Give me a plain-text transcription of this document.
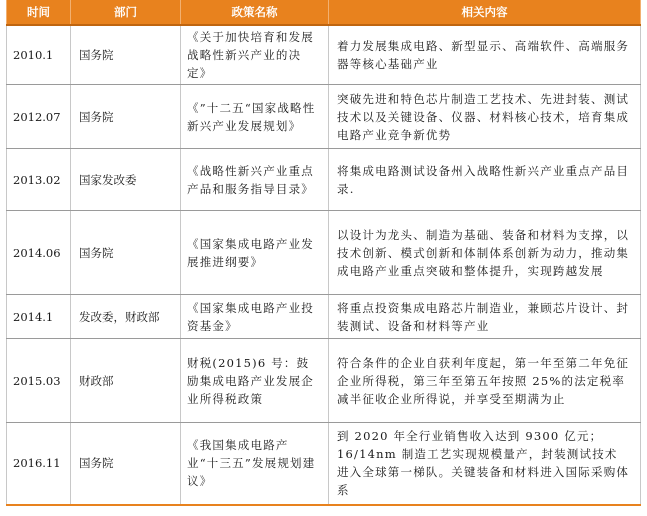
时间	部门	政策名称	相关内容
2010.1	国务院	《关于加快培育和发展战略性新兴产业的决定》	着力发展集成电路、新型显示、高端软件、高端服务器等核心基础产业
2012.07	国务院	《”十二五“国家战略性新兴产业发展规划》	突破先进和特色芯片制造工艺技术、先进封装、测试技术以及关键设备、仪器、材料核心技术，培育集成电路产业竞争新优势
2013.02	国家发改委	《战略性新兴产业重点产品和服务指导目录》	将集成电路测试设备州入战略性新兴产业重点产品目录.
2014.06	国务院	《国家集成电路产业发展推进纲要》	以设计为龙头、制造为基础、装备和材料为支撑，以技术创新、模式创新和体制体系创新为动力，推动集成电路产业重点突破和整体提升，实现跨越发展
2014.1	发改委，财政部	《国家集成电路产业投资基金》	将重点投资集成电路芯片制造业，兼顾芯片设计、封装测试、设备和材料等产业
2015.03	财政部	财税(2015)6 号：鼓励集成电路产业发展企业所得税政策	符合条件的企业自获利年度起，第一年至第二年免征企业所得税，第三年至第五年按照 25%的法定税率减半征收企业所得说，并享受至期满为止
2016.11	国务院	《我国集成电路产业“十三五”发展规划建议》	到 2020 年全行业销售收入达到 9300 亿元；16/14nm 制造工艺实现规模量产，封装测试技术进入全球第一梯队。关键装备和材料进入国际采购体系
